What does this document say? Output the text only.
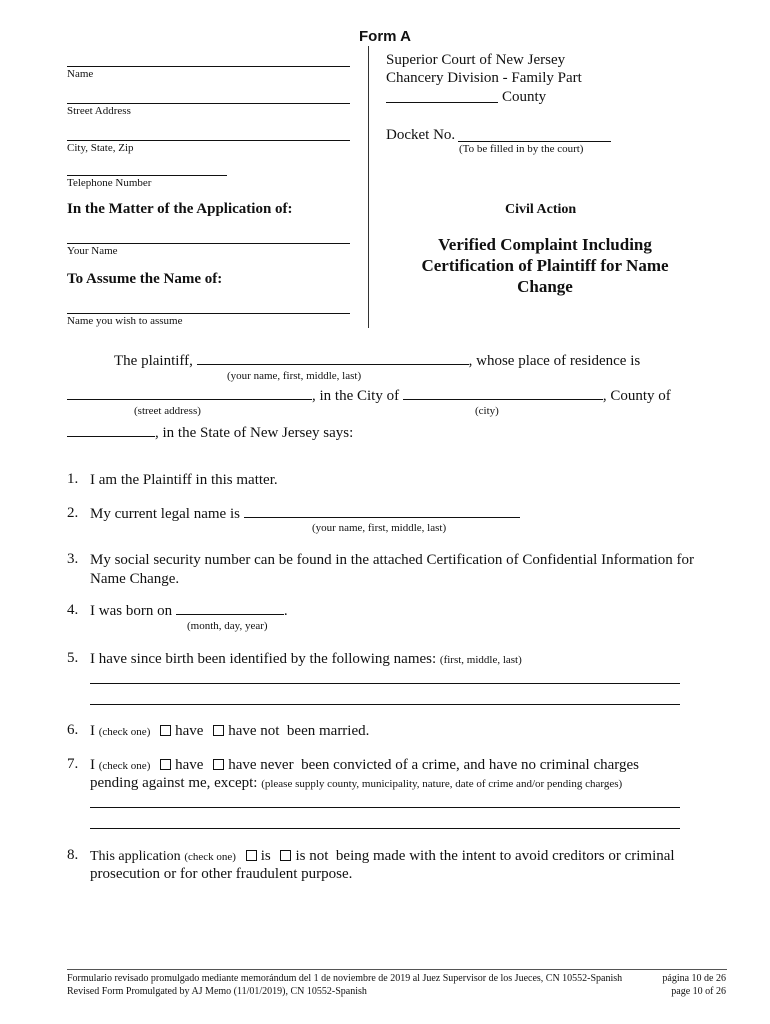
Form A
Name
Street Address
City, State, Zip
Telephone Number
Superior Court of New Jersey
Chancery Division - Family Part
County
Docket No.
(To be filled in by the court)
In the Matter of the Application of:	Civil Action
Your Name
To Assume the Name of:
Verified Complaint Including
Certification of Plaintiff for Name
Change
Name you wish to assume
The plaintiff,	, whose place of residence is
(your name, first, middle, last)
, in the City of	, County of
(street address)	(city)
, in the State of New Jersey says:
1. I am the Plaintiff in this matter.
2. My current legal name is
(your name, first, middle, last)
3. My social security number can be found in the attached Certification of Confidential Information for
Name Change.
4. I was born on	.
(month, day, year)
5. I have since birth been identified by the following names: (first, middle, last)
6. I (check one) have have not been married.
7. I (check one) have have never been convicted of a crime, and have no criminal charges
pending against me, except: (please supply county, municipality, nature, date of crime and/or pending charges)
8. This application (check one) is is not being made with the intent to avoid creditors or criminal
prosecution or for other fraudulent purpose.
Formulario revisado promulgado mediante memorándum del 1 de noviembre de 2019 al Juez Supervisor de los Jueces, CN 10552-Spanish
Revised Form Promulgated by AJ Memo (11/01/2019), CN 10552-Spanish
página 10 de 26
page 10 of 26
